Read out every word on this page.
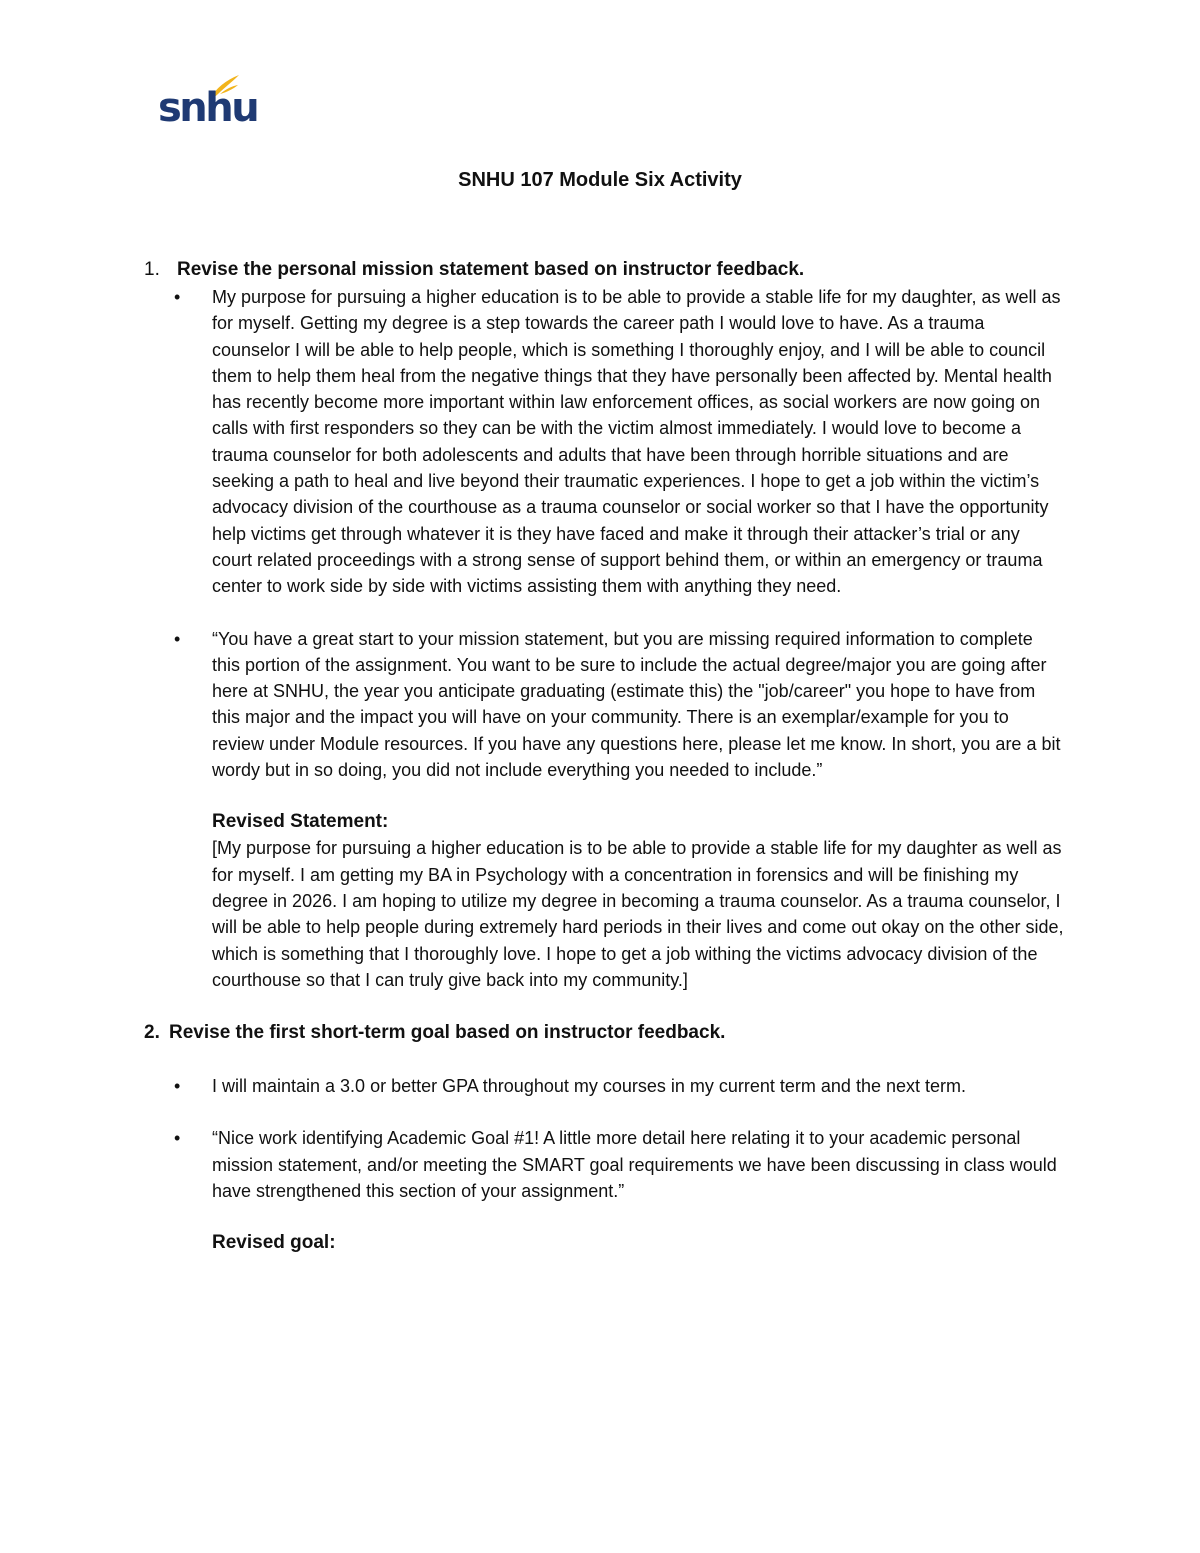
snhu
SNHU 107 Module Six Activity
1. Revise the personal mission statement based on instructor feedback.
• My purpose for pursuing a higher education is to be able to provide a stable life for my daughter, as well as for myself. Getting my degree is a step towards the career path I would love to have. As a trauma counselor I will be able to help people, which is something I thoroughly enjoy, and I will be able to council them to help them heal from the negative things that they have personally been affected by. Mental health has recently become more important within law enforcement offices, as social workers are now going on calls with first responders so they can be with the victim almost immediately. I would love to become a trauma counselor for both adolescents and adults that have been through horrible situations and are seeking a path to heal and live beyond their traumatic experiences. I hope to get a job within the victim’s advocacy division of the courthouse as a trauma counselor or social worker so that I have the opportunity help victims get through whatever it is they have faced and make it through their attacker’s trial or any court related proceedings with a strong sense of support behind them, or within an emergency or trauma center to work side by side with victims assisting them with anything they need.
• “You have a great start to your mission statement, but you are missing required information to complete this portion of the assignment. You want to be sure to include the actual degree/major you are going after here at SNHU, the year you anticipate graduating (estimate this) the "job/career" you hope to have from this major and the impact you will have on your community. There is an exemplar/example for you to review under Module resources. If you have any questions here, please let me know. In short, you are a bit wordy but in so doing, you did not include everything you needed to include.”
Revised Statement:
[My purpose for pursuing a higher education is to be able to provide a stable life for my daughter as well as for myself. I am getting my BA in Psychology with a concentration in forensics and will be finishing my degree in 2026. I am hoping to utilize my degree in becoming a trauma counselor. As a trauma counselor, I will be able to help people during extremely hard periods in their lives and come out okay on the other side, which is something that I thoroughly love. I hope to get a job withing the victims advocacy division of the courthouse so that I can truly give back into my community.]
2. Revise the first short-term goal based on instructor feedback.
• I will maintain a 3.0 or better GPA throughout my courses in my current term and the next term.
• “Nice work identifying Academic Goal #1! A little more detail here relating it to your academic personal mission statement, and/or meeting the SMART goal requirements we have been discussing in class would have strengthened this section of your assignment.”
Revised goal:
